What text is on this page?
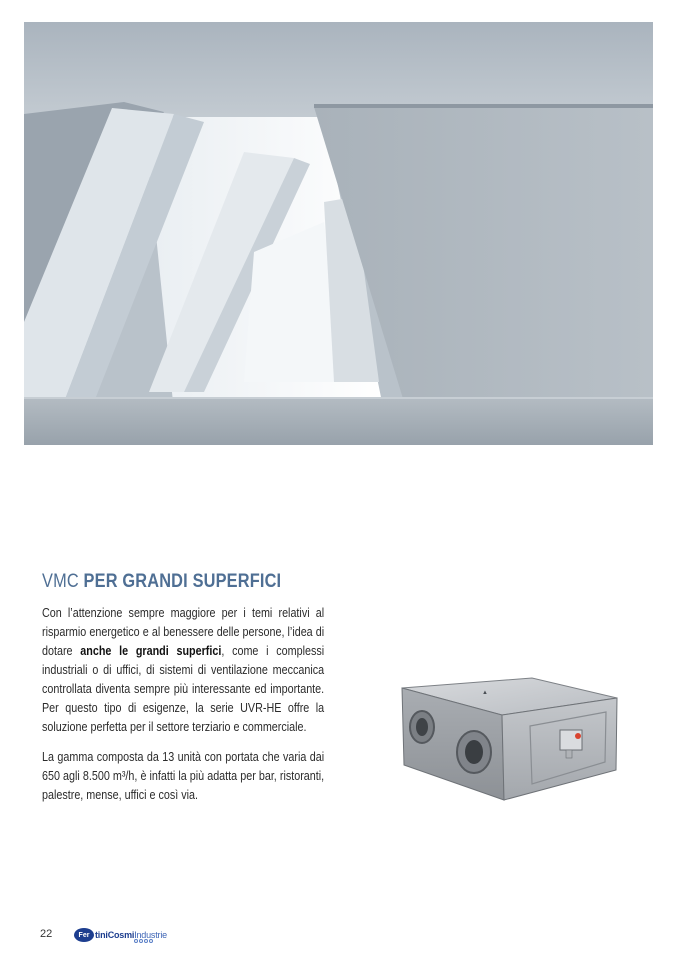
VMC PER GRANDI SUPERFICI

Con l’attenzione sempre maggiore per i temi relativi al risparmio energetico e al benessere delle persone, l’idea di dotare anche le grandi superfici, come i complessi industriali o di uffici, di sistemi di ventilazione meccanica controllata diventa sempre più interessante ed importante. Per questo tipo di esigenze, la serie UVR-HE offre la soluzione perfetta per il settore terziario e commerciale.

La gamma composta da 13 unità con portata che varia dai 650 agli 8.500 m³/h, è infatti la più adatta per bar, ristoranti, palestre, mense, uffici e così via.

▲
22	Fer tiniCosmiIndustrie
